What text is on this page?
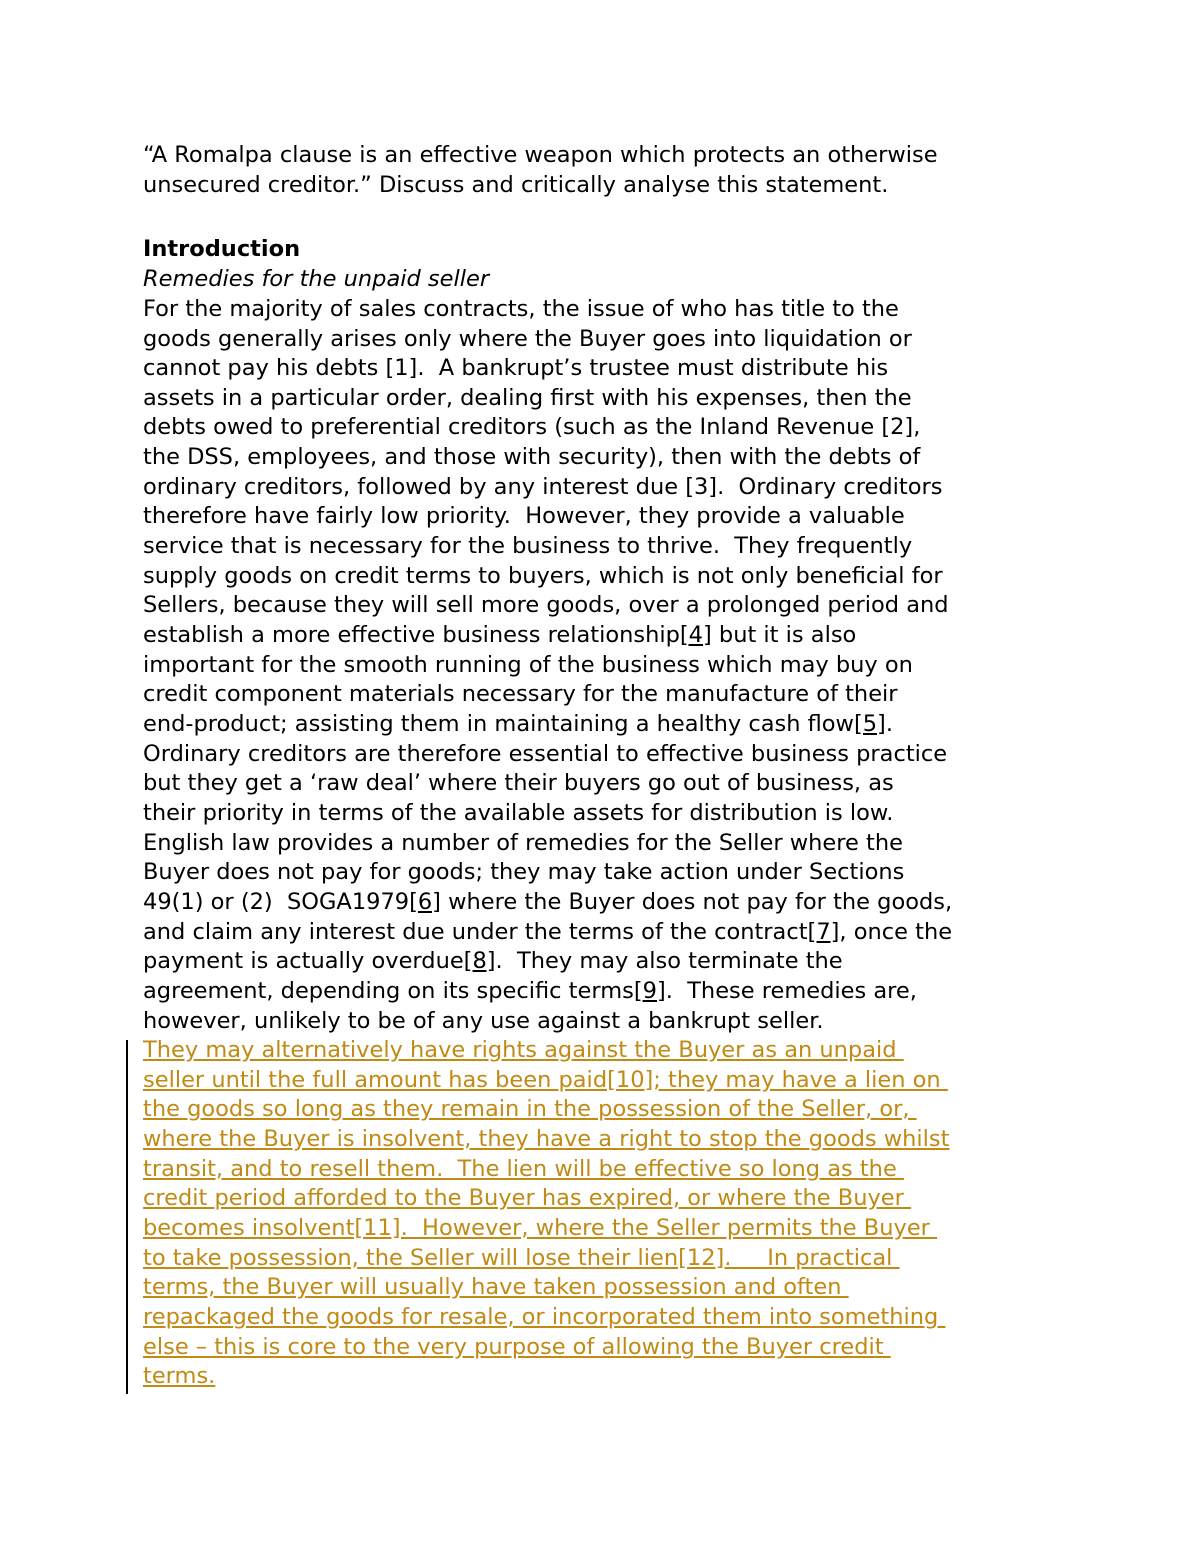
“A Romalpa clause is an effective weapon which protects an otherwise
unsecured creditor.” Discuss and critically analyse this statement.
Introduction
Remedies for the unpaid seller
For the majority of sales contracts, the issue of who has title to the
goods generally arises only where the Buyer goes into liquidation or
cannot pay his debts [1].  A bankrupt’s trustee must distribute his
assets in a particular order, dealing first with his expenses, then the
debts owed to preferential creditors (such as the Inland Revenue [2],
the DSS, employees, and those with security), then with the debts of
ordinary creditors, followed by any interest due [3].  Ordinary creditors
therefore have fairly low priority.  However, they provide a valuable
service that is necessary for the business to thrive.  They frequently
supply goods on credit terms to buyers, which is not only beneficial for
Sellers, because they will sell more goods, over a prolonged period and
establish a more effective business relationship[4] but it is also
important for the smooth running of the business which may buy on
credit component materials necessary for the manufacture of their
end-product; assisting them in maintaining a healthy cash flow[5].
Ordinary creditors are therefore essential to effective business practice
but they get a ‘raw deal’ where their buyers go out of business, as
their priority in terms of the available assets for distribution is low.
English law provides a number of remedies for the Seller where the
Buyer does not pay for goods; they may take action under Sections
49(1) or (2)  SOGA1979[6] where the Buyer does not pay for the goods,
and claim any interest due under the terms of the contract[7], once the
payment is actually overdue[8].  They may also terminate the
agreement, depending on its specific terms[9].  These remedies are,
however, unlikely to be of any use against a bankrupt seller.
They may alternatively have rights against the Buyer as an unpaid
seller until the full amount has been paid[10]; they may have a lien on
the goods so long as they remain in the possession of the Seller, or,
where the Buyer is insolvent, they have a right to stop the goods whilst
transit, and to resell them.  The lien will be effective so long as the
credit period afforded to the Buyer has expired, or where the Buyer
becomes insolvent[11].  However, where the Seller permits the Buyer
to take possession, the Seller will lose their lien[12].     In practical
terms, the Buyer will usually have taken possession and often
repackaged the goods for resale, or incorporated them into something
else – this is core to the very purpose of allowing the Buyer credit
terms.
